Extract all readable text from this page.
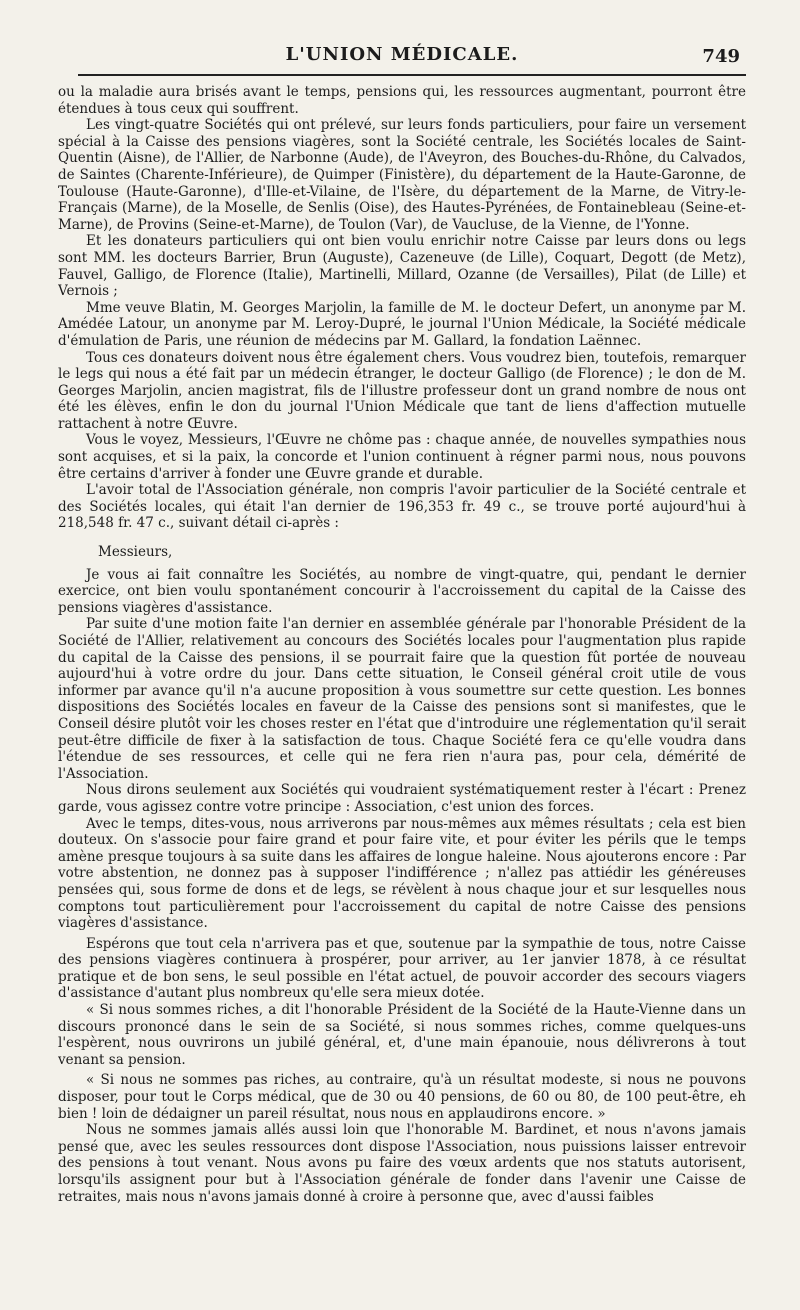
L'UNION MÉDICALE.	749

ou la maladie aura brisés avant le temps, pensions qui, les ressources augmentant, pourront être étendues à tous ceux qui souffrent.

Les vingt-quatre Sociétés qui ont prélevé, sur leurs fonds particuliers, pour faire un versement spécial à la Caisse des pensions viagères, sont la Société centrale, les Sociétés locales de Saint-Quentin (Aisne), de l'Allier, de Narbonne (Aude), de l'Aveyron, des Bouches-du-Rhône, du Calvados, de Saintes (Charente-Inférieure), de Quimper (Finistère), du département de la Haute-Garonne, de Toulouse (Haute-Garonne), d'Ille-et-Vilaine, de l'Isère, du département de la Marne, de Vitry-le-Français (Marne), de la Moselle, de Senlis (Oise), des Hautes-Pyrénées, de Fontainebleau (Seine-et-Marne), de Provins (Seine-et-Marne), de Toulon (Var), de Vaucluse, de la Vienne, de l'Yonne.

Et les donateurs particuliers qui ont bien voulu enrichir notre Caisse par leurs dons ou legs sont MM. les docteurs Barrier, Brun (Auguste), Cazeneuve (de Lille), Coquart, Degott (de Metz), Fauvel, Galligo, de Florence (Italie), Martinelli, Millard, Ozanne (de Versailles), Pilat (de Lille) et Vernois ;

Mme veuve Blatin, M. Georges Marjolin, la famille de M. le docteur Defert, un anonyme par M. Amédée Latour, un anonyme par M. Leroy-Dupré, le journal l'Union Médicale, la Société médicale d'émulation de Paris, une réunion de médecins par M. Gallard, la fondation Laënnec.

Tous ces donateurs doivent nous être également chers. Vous voudrez bien, toutefois, remarquer le legs qui nous a été fait par un médecin étranger, le docteur Galligo (de Florence) ; le don de M. Georges Marjolin, ancien magistrat, fils de l'illustre professeur dont un grand nombre de nous ont été les élèves, enfin le don du journal l'Union Médicale que tant de liens d'affection mutuelle rattachent à notre Œuvre.

Vous le voyez, Messieurs, l'Œuvre ne chôme pas : chaque année, de nouvelles sympathies nous sont acquises, et si la paix, la concorde et l'union continuent à régner parmi nous, nous pouvons être certains d'arriver à fonder une Œuvre grande et durable.

L'avoir total de l'Association générale, non compris l'avoir particulier de la Société centrale et des Sociétés locales, qui était l'an dernier de 196,353 fr. 49 c., se trouve porté aujourd'hui à 218,548 fr. 47 c., suivant détail ci-après :

Messieurs,

Je vous ai fait connaître les Sociétés, au nombre de vingt-quatre, qui, pendant le dernier exercice, ont bien voulu spontanément concourir à l'accroissement du capital de la Caisse des pensions viagères d'assistance.

Par suite d'une motion faite l'an dernier en assemblée générale par l'honorable Président de la Société de l'Allier, relativement au concours des Sociétés locales pour l'augmentation plus rapide du capital de la Caisse des pensions, il se pourrait faire que la question fût portée de nouveau aujourd'hui à votre ordre du jour. Dans cette situation, le Conseil général croit utile de vous informer par avance qu'il n'a aucune proposition à vous soumettre sur cette question. Les bonnes dispositions des Sociétés locales en faveur de la Caisse des pensions sont si manifestes, que le Conseil désire plutôt voir les choses rester en l'état que d'introduire une réglementation qu'il serait peut-être difficile de fixer à la satisfaction de tous. Chaque Société fera ce qu'elle voudra dans l'étendue de ses ressources, et celle qui ne fera rien n'aura pas, pour cela, démérité de l'Association.

Nous dirons seulement aux Sociétés qui voudraient systématiquement rester à l'écart : Prenez garde, vous agissez contre votre principe : Association, c'est union des forces.

Avec le temps, dites-vous, nous arriverons par nous-mêmes aux mêmes résultats ; cela est bien douteux. On s'associe pour faire grand et pour faire vite, et pour éviter les périls que le temps amène presque toujours à sa suite dans les affaires de longue haleine. Nous ajouterons encore : Par votre abstention, ne donnez pas à supposer l'indifférence ; n'allez pas attiédir les généreuses pensées qui, sous forme de dons et de legs, se révèlent à nous chaque jour et sur lesquelles nous comptons tout particulièrement pour l'accroissement du capital de notre Caisse des pensions viagères d'assistance.

Espérons que tout cela n'arrivera pas et que, soutenue par la sympathie de tous, notre Caisse des pensions viagères continuera à prospérer, pour arriver, au 1er janvier 1878, à ce résultat pratique et de bon sens, le seul possible en l'état actuel, de pouvoir accorder des secours viagers d'assistance d'autant plus nombreux qu'elle sera mieux dotée.

« Si nous sommes riches, a dit l'honorable Président de la Société de la Haute-Vienne dans un discours prononcé dans le sein de sa Société, si nous sommes riches, comme quelques-uns l'espèrent, nous ouvrirons un jubilé général, et, d'une main épanouie, nous délivrerons à tout venant sa pension.

« Si nous ne sommes pas riches, au contraire, qu'à un résultat modeste, si nous ne pouvons disposer, pour tout le Corps médical, que de 30 ou 40 pensions, de 60 ou 80, de 100 peut-être, eh bien ! loin de dédaigner un pareil résultat, nous nous en applaudirons encore. »

Nous ne sommes jamais allés aussi loin que l'honorable M. Bardinet, et nous n'avons jamais pensé que, avec les seules ressources dont dispose l'Association, nous puissions laisser entrevoir des pensions à tout venant. Nous avons pu faire des vœux ardents que nos statuts autorisent, lorsqu'ils assignent pour but à l'Association générale de fonder dans l'avenir une Caisse de retraites, mais nous n'avons jamais donné à croire à personne que, avec d'aussi faibles
